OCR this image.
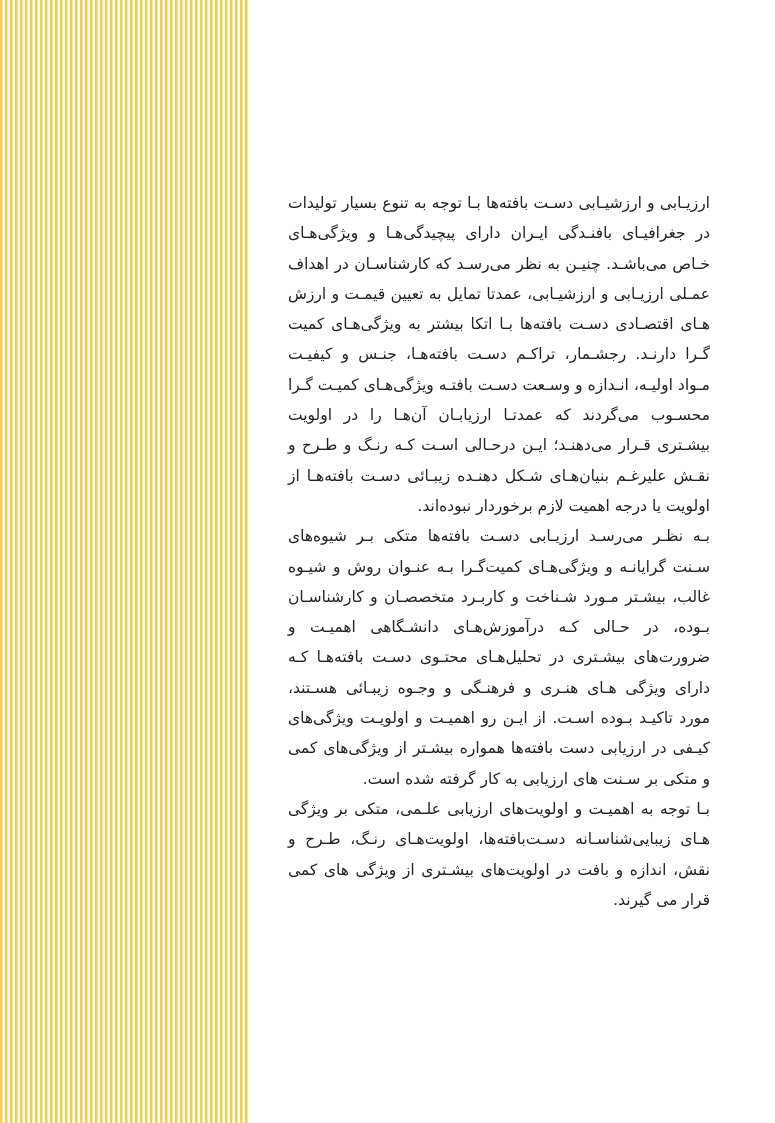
ارزیـابی و ارزشیـابی دسـت بافته‌ها بـا توجه به تنوع بسیار تولیدات در جغرافیـای بافنـدگی ایـران دارای پیچیدگی‌هـا و ویژگی‌هـای خـاص می‌باشـد. چنیـن به نظر می‌رسـد که کارشناسـان در اهداف عمـلی ارزیـابی و ارزشیـابی، عمدتا تمایل به تعیین قیمـت و ارزش هـای اقتصـادی دسـت بافته‌ها بـا اتکا بیشتر به ویژگی‌هـای کمیت گـرا دارنـد. رجشـمار، تراکـم دسـت بافته‌هـا، جنـس و کیفیـت مـواد اولیـه، انـدازه و وسـعت دسـت بافتـه ویژگی‌هـای کمیـت گـرا محسـوب می‌گردند که عمدتـا ارزیابـان آن‌هـا را در اولویت بیشـتری قـرار می‌دهنـد؛ ایـن درحـالی اسـت کـه رنـگ و طـرح و نقـش علیرغـم بنیان‌هـای شـکل دهنـده زیبـائی دسـت بافته‌هـا از اولویت یا درجه اهمیت لازم برخوردار نبوده‌اند.

بـه نظـر می‌رسـد ارزیـابی دسـت بافته‌ها متکی بـر شیوه‌های سـنت گرایانـه و ویژگی‌هـای کمیت‌گـرا بـه عنـوان روش و شیـوه غالب، بیشـتر مـورد شـناخت و کاربـرد متخصصـان و کارشناسـان بـوده، در حـالی کـه درآموزش‌هـای دانشـگاهی اهمیـت و ضرورت‌های بیشـتری در تحلیل‌هـای محتـوی دسـت بافته‌هـا کـه دارای ویژگی هـای هنـری و فرهنـگی و وجـوه زیبـائی هسـتند، مورد تاکیـد بـوده اسـت. از ایـن رو اهمیـت و اولویـت ویژگی‌های کیـفی در ارزیابی دست بافته‌ها همواره بیشـتر از ویژگی‌های کمی و متکی بر سـنت های ارزیابی به کار گرفته شده است.

بـا توجه به اهمیـت و اولویت‌های ارزیابی علـمی، متکی بر ویژگی هـای زیبایی‌شناسـانه دسـت‌بافته‌ها، اولویت‌هـای رنـگ، طـرح و نقش، اندازه و بافت در اولویت‌های بیشـتری از ویژگی های کمی قرار می گیرند.
